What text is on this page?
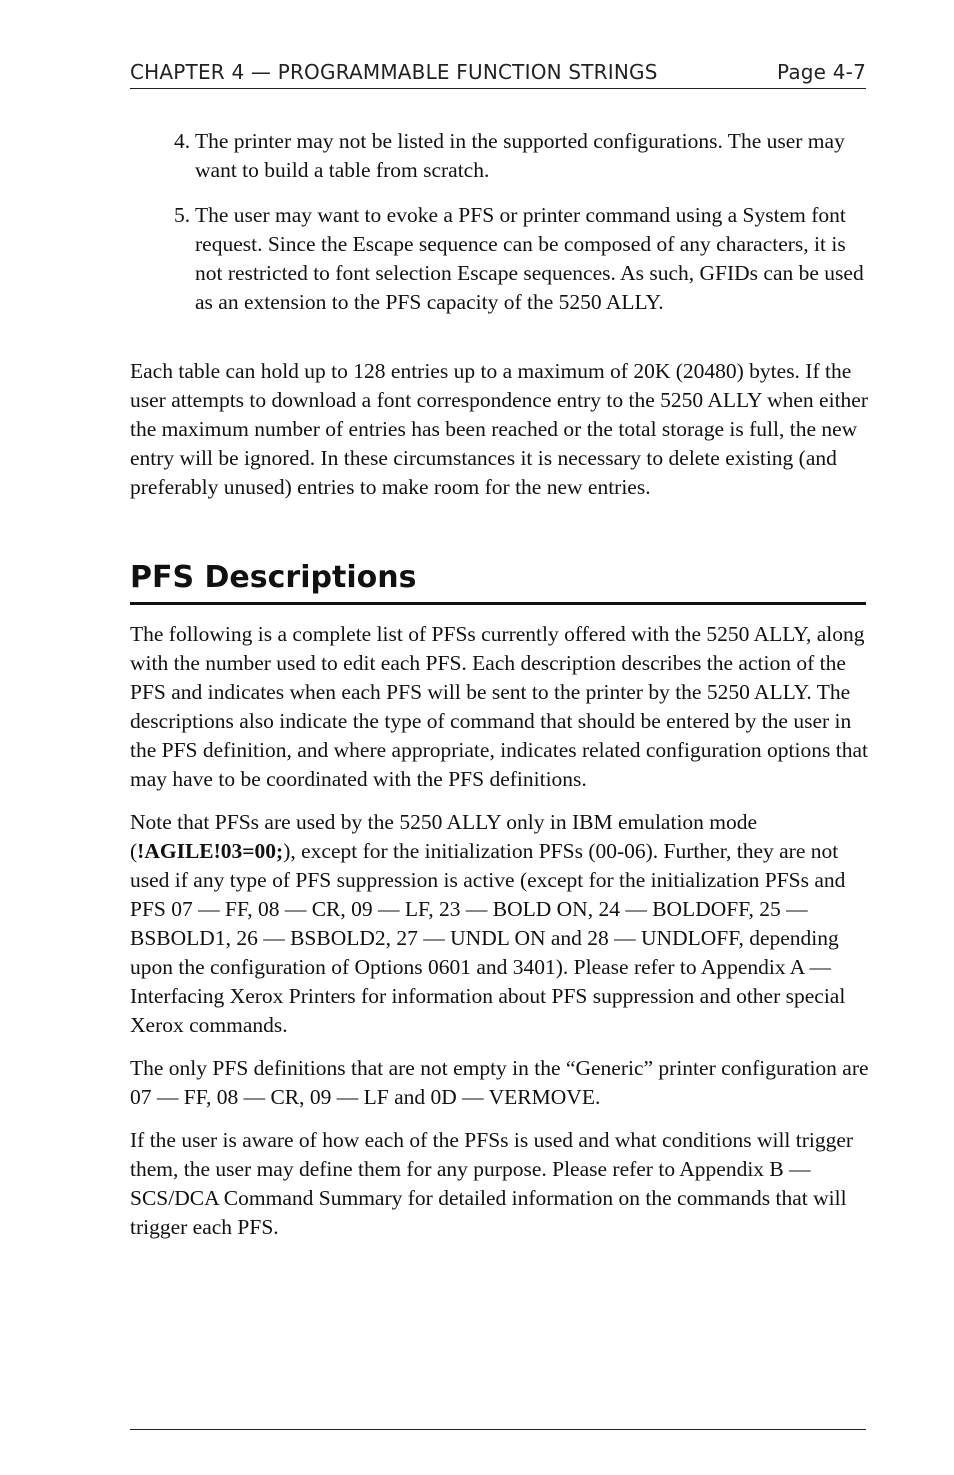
CHAPTER 4 — PROGRAMMABLE FUNCTION STRINGS	Page 4-7
4. The printer may not be listed in the supported configurations. The user may want to build a table from scratch.
5. The user may want to evoke a PFS or printer command using a System font request. Since the Escape sequence can be composed of any characters, it is not restricted to font selection Escape sequences. As such, GFIDs can be used as an extension to the PFS capacity of the 5250 ALLY.
Each table can hold up to 128 entries up to a maximum of 20K (20480) bytes. If the user attempts to download a font correspondence entry to the 5250 ALLY when either the maximum number of entries has been reached or the total storage is full, the new entry will be ignored. In these circumstances it is necessary to delete existing (and preferably unused) entries to make room for the new entries.
PFS Descriptions

The following is a complete list of PFSs currently offered with the 5250 ALLY, along with the number used to edit each PFS. Each description describes the action of the PFS and indicates when each PFS will be sent to the printer by the 5250 ALLY. The descriptions also indicate the type of command that should be entered by the user in the PFS definition, and where appropriate, indicates related configuration options that may have to be coordinated with the PFS definitions.

Note that PFSs are used by the 5250 ALLY only in IBM emulation mode (!AGILE!03=00;), except for the initialization PFSs (00-06). Further, they are not used if any type of PFS suppression is active (except for the initialization PFSs and PFS 07 — FF, 08 — CR, 09 — LF, 23 — BOLD ON, 24 — BOLDOFF, 25 — BSBOLD1, 26 — BSBOLD2, 27 — UNDL ON and 28 — UNDLOFF, depending upon the configuration of Options 0601 and 3401). Please refer to Appendix A — Interfacing Xerox Printers for information about PFS suppression and other special Xerox commands.

The only PFS definitions that are not empty in the “Generic” printer configuration are 07 — FF, 08 — CR, 09 — LF and 0D — VERMOVE.

If the user is aware of how each of the PFSs is used and what conditions will trigger them, the user may define them for any purpose. Please refer to Appendix B — SCS/DCA Command Summary for detailed information on the commands that will trigger each PFS.
